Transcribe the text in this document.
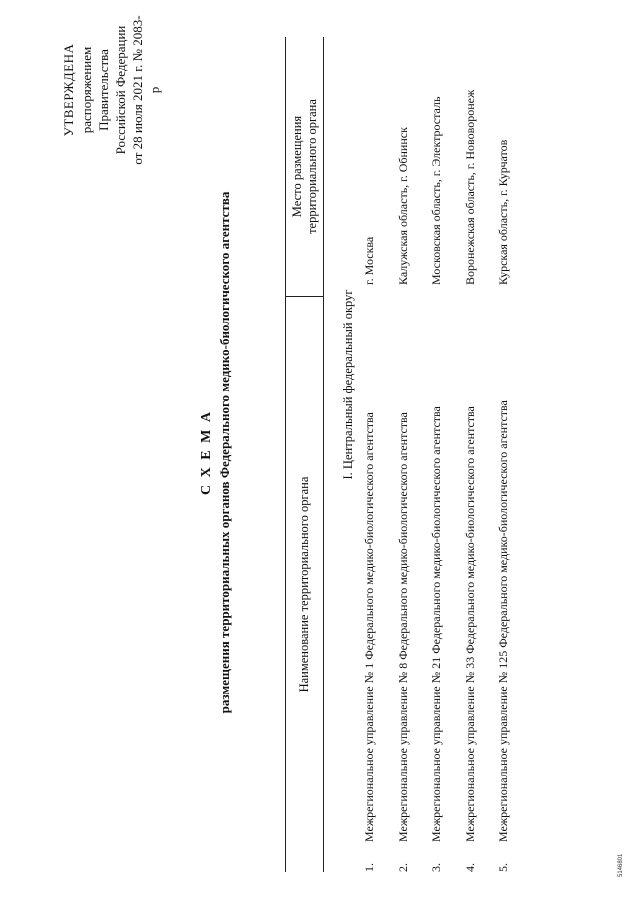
УТВЕРЖДЕНА распоряжением Правительства Российской Федерации от 28 июля 2021 г. № 2083-р
С Х Е М А размещения территориальных органов Федерального медико-биологического агентства	Наименование территориального органа
Место размещения территориального органа
I. Центральный федеральный округ
1.
Межрегиональное управление № 1 Федерального медико-биологического агентства
г. Москва
2.
Межрегиональное управление № 8 Федерального медико-биологического агентства
Калужская область, г. Обнинск
3.
Межрегиональное управление № 21 Федерального медико-биологического агентства
Московская область, г. Электросталь
4.
Межрегиональное управление № 33 Федерального медико-биологического агентства
Воронежская область, г. Нововоронеж
5.
Межрегиональное управление № 125 Федерального медико-биологического агентства
Курская область, г. Курчатов
5146801
